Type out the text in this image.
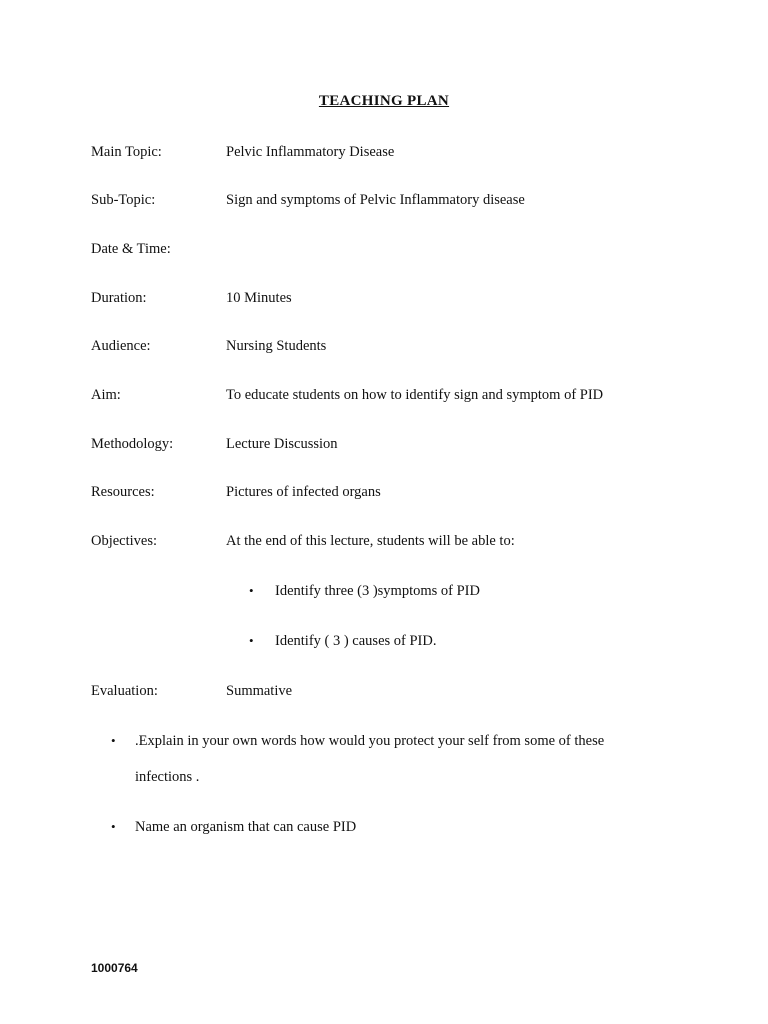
TEACHING PLAN
Main Topic:	Pelvic Inflammatory Disease
Sub-Topic:	Sign and symptoms of Pelvic Inflammatory disease
Date & Time:
Duration:	10 Minutes
Audience:	Nursing Students
Aim:	To educate students on how to identify sign and symptom of PID
Methodology:	Lecture Discussion
Resources:	Pictures of infected organs
Objectives:	At the end of this lecture, students will be able to:
• Identify three (3 )symptoms of PID
• Identify ( 3 ) causes of PID.
Evaluation:	Summative
• .Explain in your own words how would you protect your self from some of these infections .
• Name an organism that can cause PID
1000764
